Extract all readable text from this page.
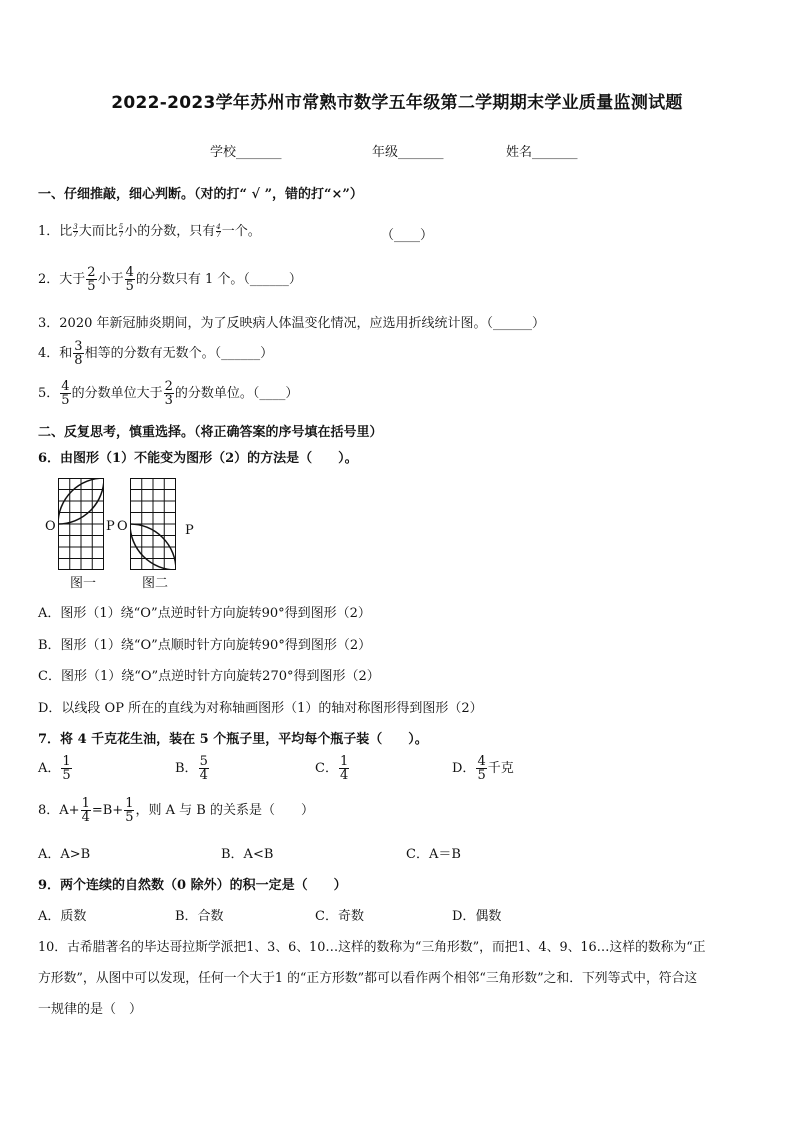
2022-2023学年苏州市常熟市数学五年级第二学期期末学业质量监测试题
学校_______	年级_______	姓名_______
一、仔细推敲，细心判断。（对的打“ √ ”，错的打“×”）
1．比 $\frac{3}{7}$ 大而比 $\frac{5}{7}$ 小的分数，只有 $\frac{4}{7}$ 一个。	（____）
2．大于 $\frac{2}{5}$ 小于 $\frac{4}{5}$ 的分数只有 1 个。（______）
3．2020 年新冠肺炎期间，为了反映病人体温变化情况，应选用折线统计图。（______）
4．和 $\frac{3}{8}$ 相等的分数有无数个。（______）
5． $\frac{4}{5}$ 的分数单位大于 $\frac{2}{3}$ 的分数单位。（____）
二、反复思考，慎重选择。（将正确答案的序号填在括号里）
6．由图形（1）不能变为图形（2）的方法是（　　）。
O	P
图一
O	P
图二
A．图形（1）绕“O”点逆时针方向旋转90°得到图形（2）
B．图形（1）绕“O”点顺时针方向旋转90°得到图形（2）
C．图形（1）绕“O”点逆时针方向旋转270°得到图形（2）
D．以线段 OP 所在的直线为对称轴画图形（1）的轴对称图形得到图形（2）
7．将 4 千克花生油，装在 5 个瓶子里，平均每个瓶子装（　　）。
A． $\frac{1}{5}$	B． $\frac{5}{4}$	C． $\frac{1}{4}$	D． $\frac{4}{5}$ 千克
8．$A+ \frac{1}{4} =B+ \frac{1}{5}$ ，则 A 与 B 的关系是（　　）
A．A>B	B．A<B	C．A＝B
9．两个连续的自然数（0 除外）的积一定是（　　）
A．质数	B．合数	C．奇数	D．偶数
10．古希腊著名的毕达哥拉斯学派把1、3、6、10…这样的数称为“三角形数”，而把1、4、9、16…这样的数称为“正
方形数”，从图中可以发现，任何一个大于1 的“正方形数”都可以看作两个相邻“三角形数”之和．下列等式中，符合这
一规律的是（　）
